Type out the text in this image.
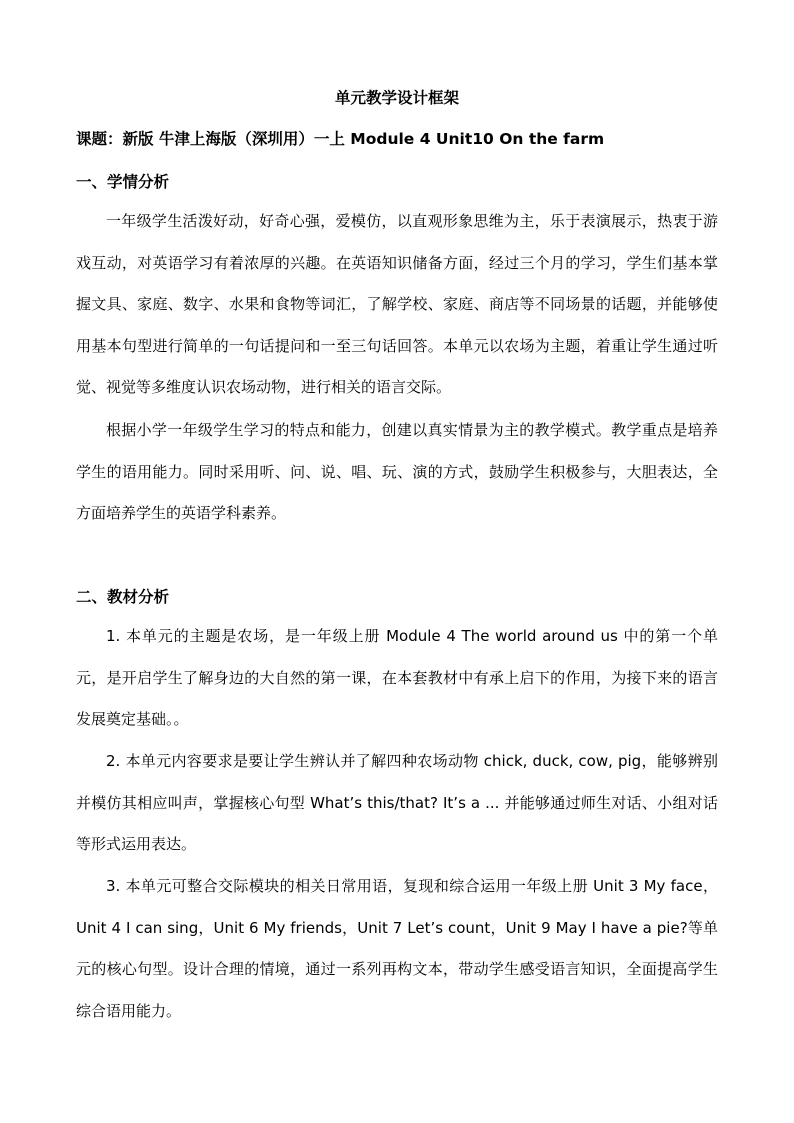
单元教学设计框架
课题：新版 牛津上海版（深圳用）一上 Module 4 Unit10 On the farm
一、学情分析

一年级学生活泼好动，好奇心强，爱模仿，以直观形象思维为主，乐于表演展示，热衷于游戏互动，对英语学习有着浓厚的兴趣。在英语知识储备方面，经过三个月的学习，学生们基本掌握文具、家庭、数字、水果和食物等词汇，了解学校、家庭、商店等不同场景的话题，并能够使用基本句型进行简单的一句话提问和一至三句话回答。本单元以农场为主题，着重让学生通过听觉、视觉等多维度认识农场动物，进行相关的语言交际。

根据小学一年级学生学习的特点和能力，创建以真实情景为主的教学模式。教学重点是培养学生的语用能力。同时采用听、问、说、唱、玩、演的方式，鼓励学生积极参与，大胆表达，全方面培养学生的英语学科素养。

二、教材分析

1. 本单元的主题是农场，是一年级上册 Module 4 The world around us 中的第一个单元，是开启学生了解身边的大自然的第一课，在本套教材中有承上启下的作用，为接下来的语言发展奠定基础。。

2. 本单元内容要求是要让学生辨认并了解四种农场动物 chick, duck, cow, pig，能够辨别并模仿其相应叫声，掌握核心句型 What’s this/that? It’s a ... 并能够通过师生对话、小组对话等形式运用表达。

3. 本单元可整合交际模块的相关日常用语，复现和综合运用一年级上册 Unit 3 My face，Unit 4 I can sing，Unit 6 My friends，Unit 7 Let’s count，Unit 9 May I have a pie?等单元的核心句型。设计合理的情境，通过一系列再构文本，带动学生感受语言知识，全面提高学生综合语用能力。
